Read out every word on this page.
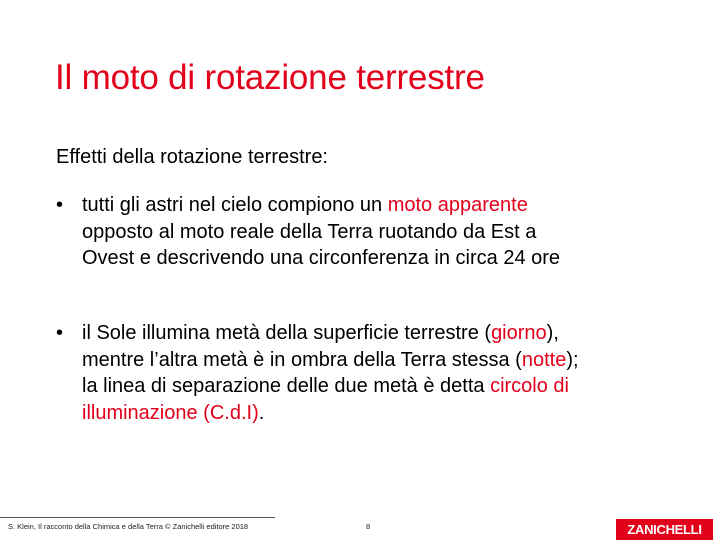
Il moto di rotazione terrestre
Effetti della rotazione terrestre:
• tutti gli astri nel cielo compiono un moto apparente opposto al moto reale della Terra ruotando da Est a Ovest e descrivendo una circonferenza in circa 24 ore
• il Sole illumina metà della superficie terrestre (giorno), mentre l’altra metà è in ombra della Terra stessa (notte); la linea di separazione delle due metà è detta circolo di illuminazione (C.d.I).
S. Klein, Il racconto della Chimica e della Terra © Zanichelli editore 2018	8	ZANICHELLI
